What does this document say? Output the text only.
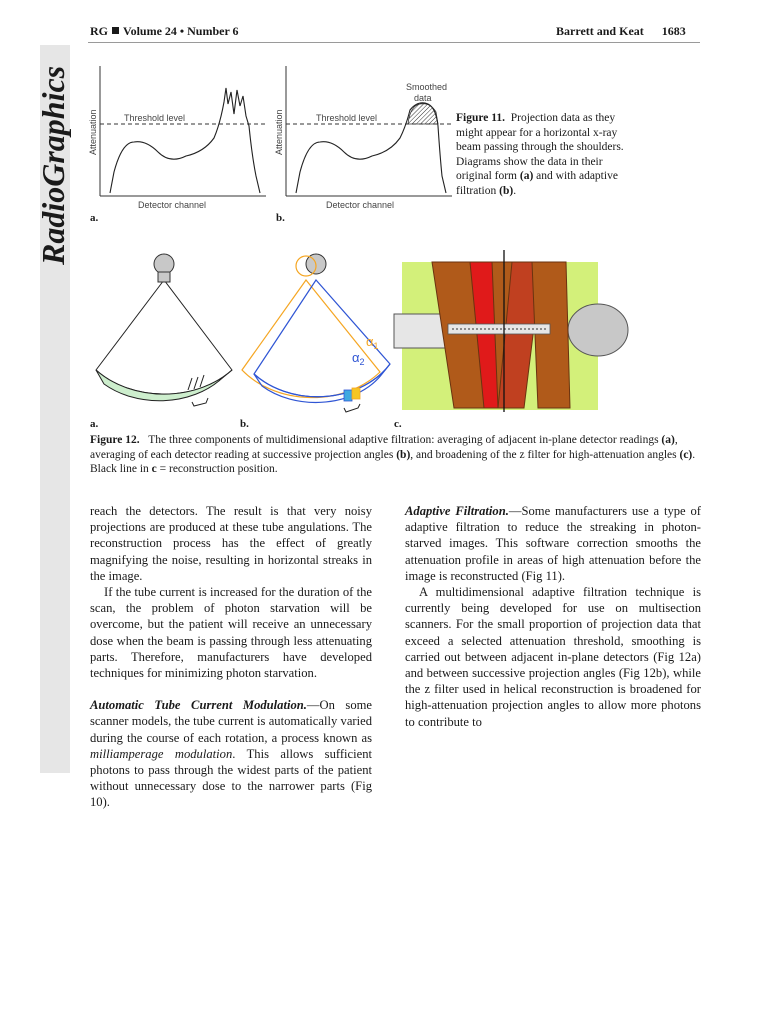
RadioGraphics
RG Volume 24 • Number 6	Barrett and Keat 1683
Attenuation	Threshold level
Detector channel
a.
Attenuation	Threshold level
Smoothed
data
Detector channel
b.
Figure 11. Projection data as they might appear for a horizontal x-ray beam passing through the shoulders. Diagrams show the data in their original form (a) and with adaptive filtration (b).
a.
$\alpha_1$
$\alpha_2$
b.	c.
Figure 12. The three components of multidimensional adaptive filtration: averaging of adjacent in-plane detector readings (a), averaging of each detector reading at successive projection angles (b), and broadening of the z filter for high-attenuation angles (c). Black line in c = reconstruction position.

reach the detectors. The result is that very noisy projections are produced at these tube angulations. The reconstruction process has the effect of greatly magnifying the noise, resulting in horizontal streaks in the image.

If the tube current is increased for the duration of the scan, the problem of photon starvation will be overcome, but the patient will receive an unnecessary dose when the beam is passing through less attenuating parts. Therefore, manufacturers have developed techniques for minimizing photon starvation.

Automatic Tube Current Modulation.—On some scanner models, the tube current is automatically varied during the course of each rotation, a process known as milliamperage modulation. This allows sufficient photons to pass through the widest parts of the patient without unnecessary dose to the narrower parts (Fig 10).

Adaptive Filtration.—Some manufacturers use a type of adaptive filtration to reduce the streaking in photon-starved images. This software correction smooths the attenuation profile in areas of high attenuation before the image is reconstructed (Fig 11).

A multidimensional adaptive filtration technique is currently being developed for use on multisection scanners. For the small proportion of projection data that exceed a selected attenuation threshold, smoothing is carried out between adjacent in-plane detectors (Fig 12a) and between successive projection angles (Fig 12b), while the z filter used in helical reconstruction is broadened for high-attenuation projection angles to allow more photons to contribute to
